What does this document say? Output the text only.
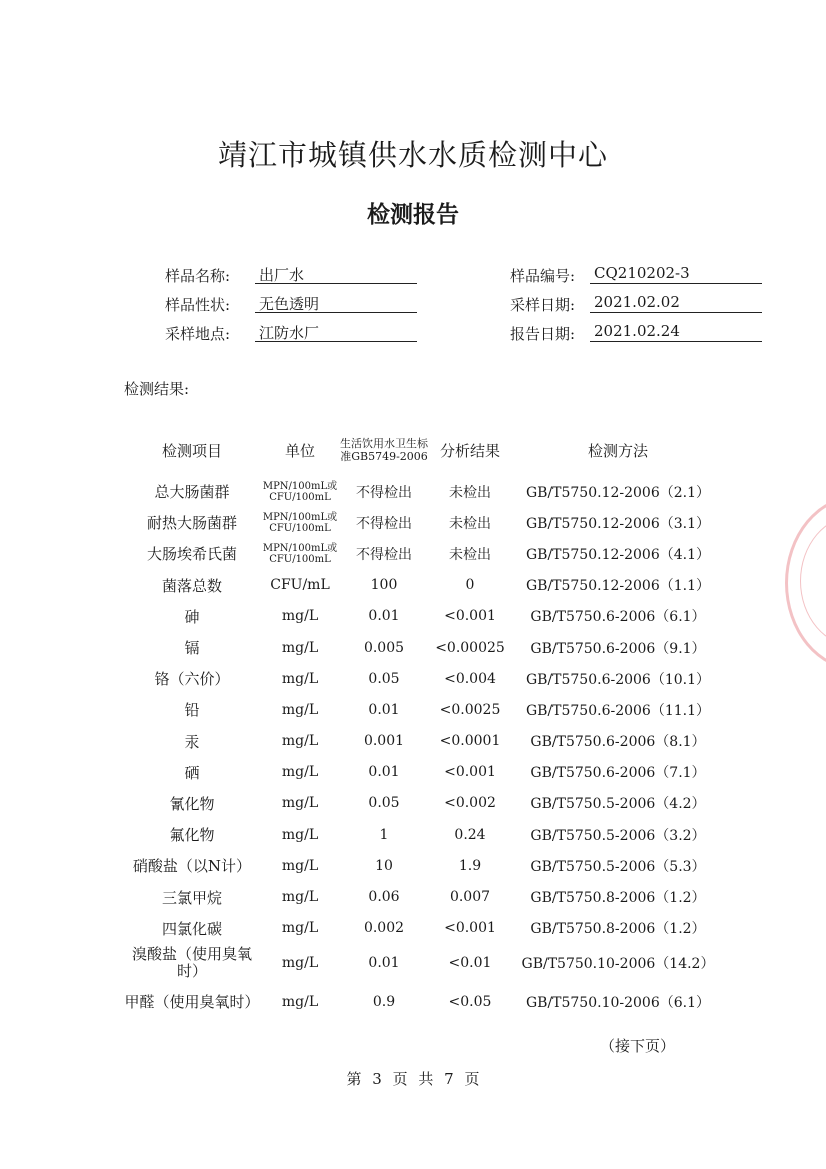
靖江市城镇供水水质检测中心
检测报告
样品名称: 出厂水
样品性状: 无色透明
采样地点: 江防水厂
样品编号: CQ210202-3
采样日期: 2021.02.02
报告日期: 2021.02.24
检测结果:
检测项目	单位	生活饮用水卫生标准GB5749-2006	分析结果	检测方法
总大肠菌群	MPN/100mL或CFU/100mL	不得检出	未检出	GB/T5750.12-2006（2.1）
耐热大肠菌群	MPN/100mL或CFU/100mL	不得检出	未检出	GB/T5750.12-2006（3.1）
大肠埃希氏菌	MPN/100mL或CFU/100mL	不得检出	未检出	GB/T5750.12-2006（4.1）
菌落总数	CFU/mL	100	0	GB/T5750.12-2006（1.1）
砷	mg/L	0.01	<0.001	GB/T5750.6-2006（6.1）
镉	mg/L	0.005	<0.00025	GB/T5750.6-2006（9.1）
铬（六价）	mg/L	0.05	<0.004	GB/T5750.6-2006（10.1）
铅	mg/L	0.01	<0.0025	GB/T5750.6-2006（11.1）
汞	mg/L	0.001	<0.0001	GB/T5750.6-2006（8.1）
硒	mg/L	0.01	<0.001	GB/T5750.6-2006（7.1）
氰化物	mg/L	0.05	<0.002	GB/T5750.5-2006（4.2）
氟化物	mg/L	1	0.24	GB/T5750.5-2006（3.2）
硝酸盐（以N计）	mg/L	10	1.9	GB/T5750.5-2006（5.3）
三氯甲烷	mg/L	0.06	0.007	GB/T5750.8-2006（1.2）
四氯化碳	mg/L	0.002	<0.001	GB/T5750.8-2006（1.2）
溴酸盐（使用臭氧时）	mg/L	0.01	<0.01	GB/T5750.10-2006（14.2）
甲醛（使用臭氧时）	mg/L	0.9	<0.05	GB/T5750.10-2006（6.1）
（接下页）
第 3 页 共 7 页
